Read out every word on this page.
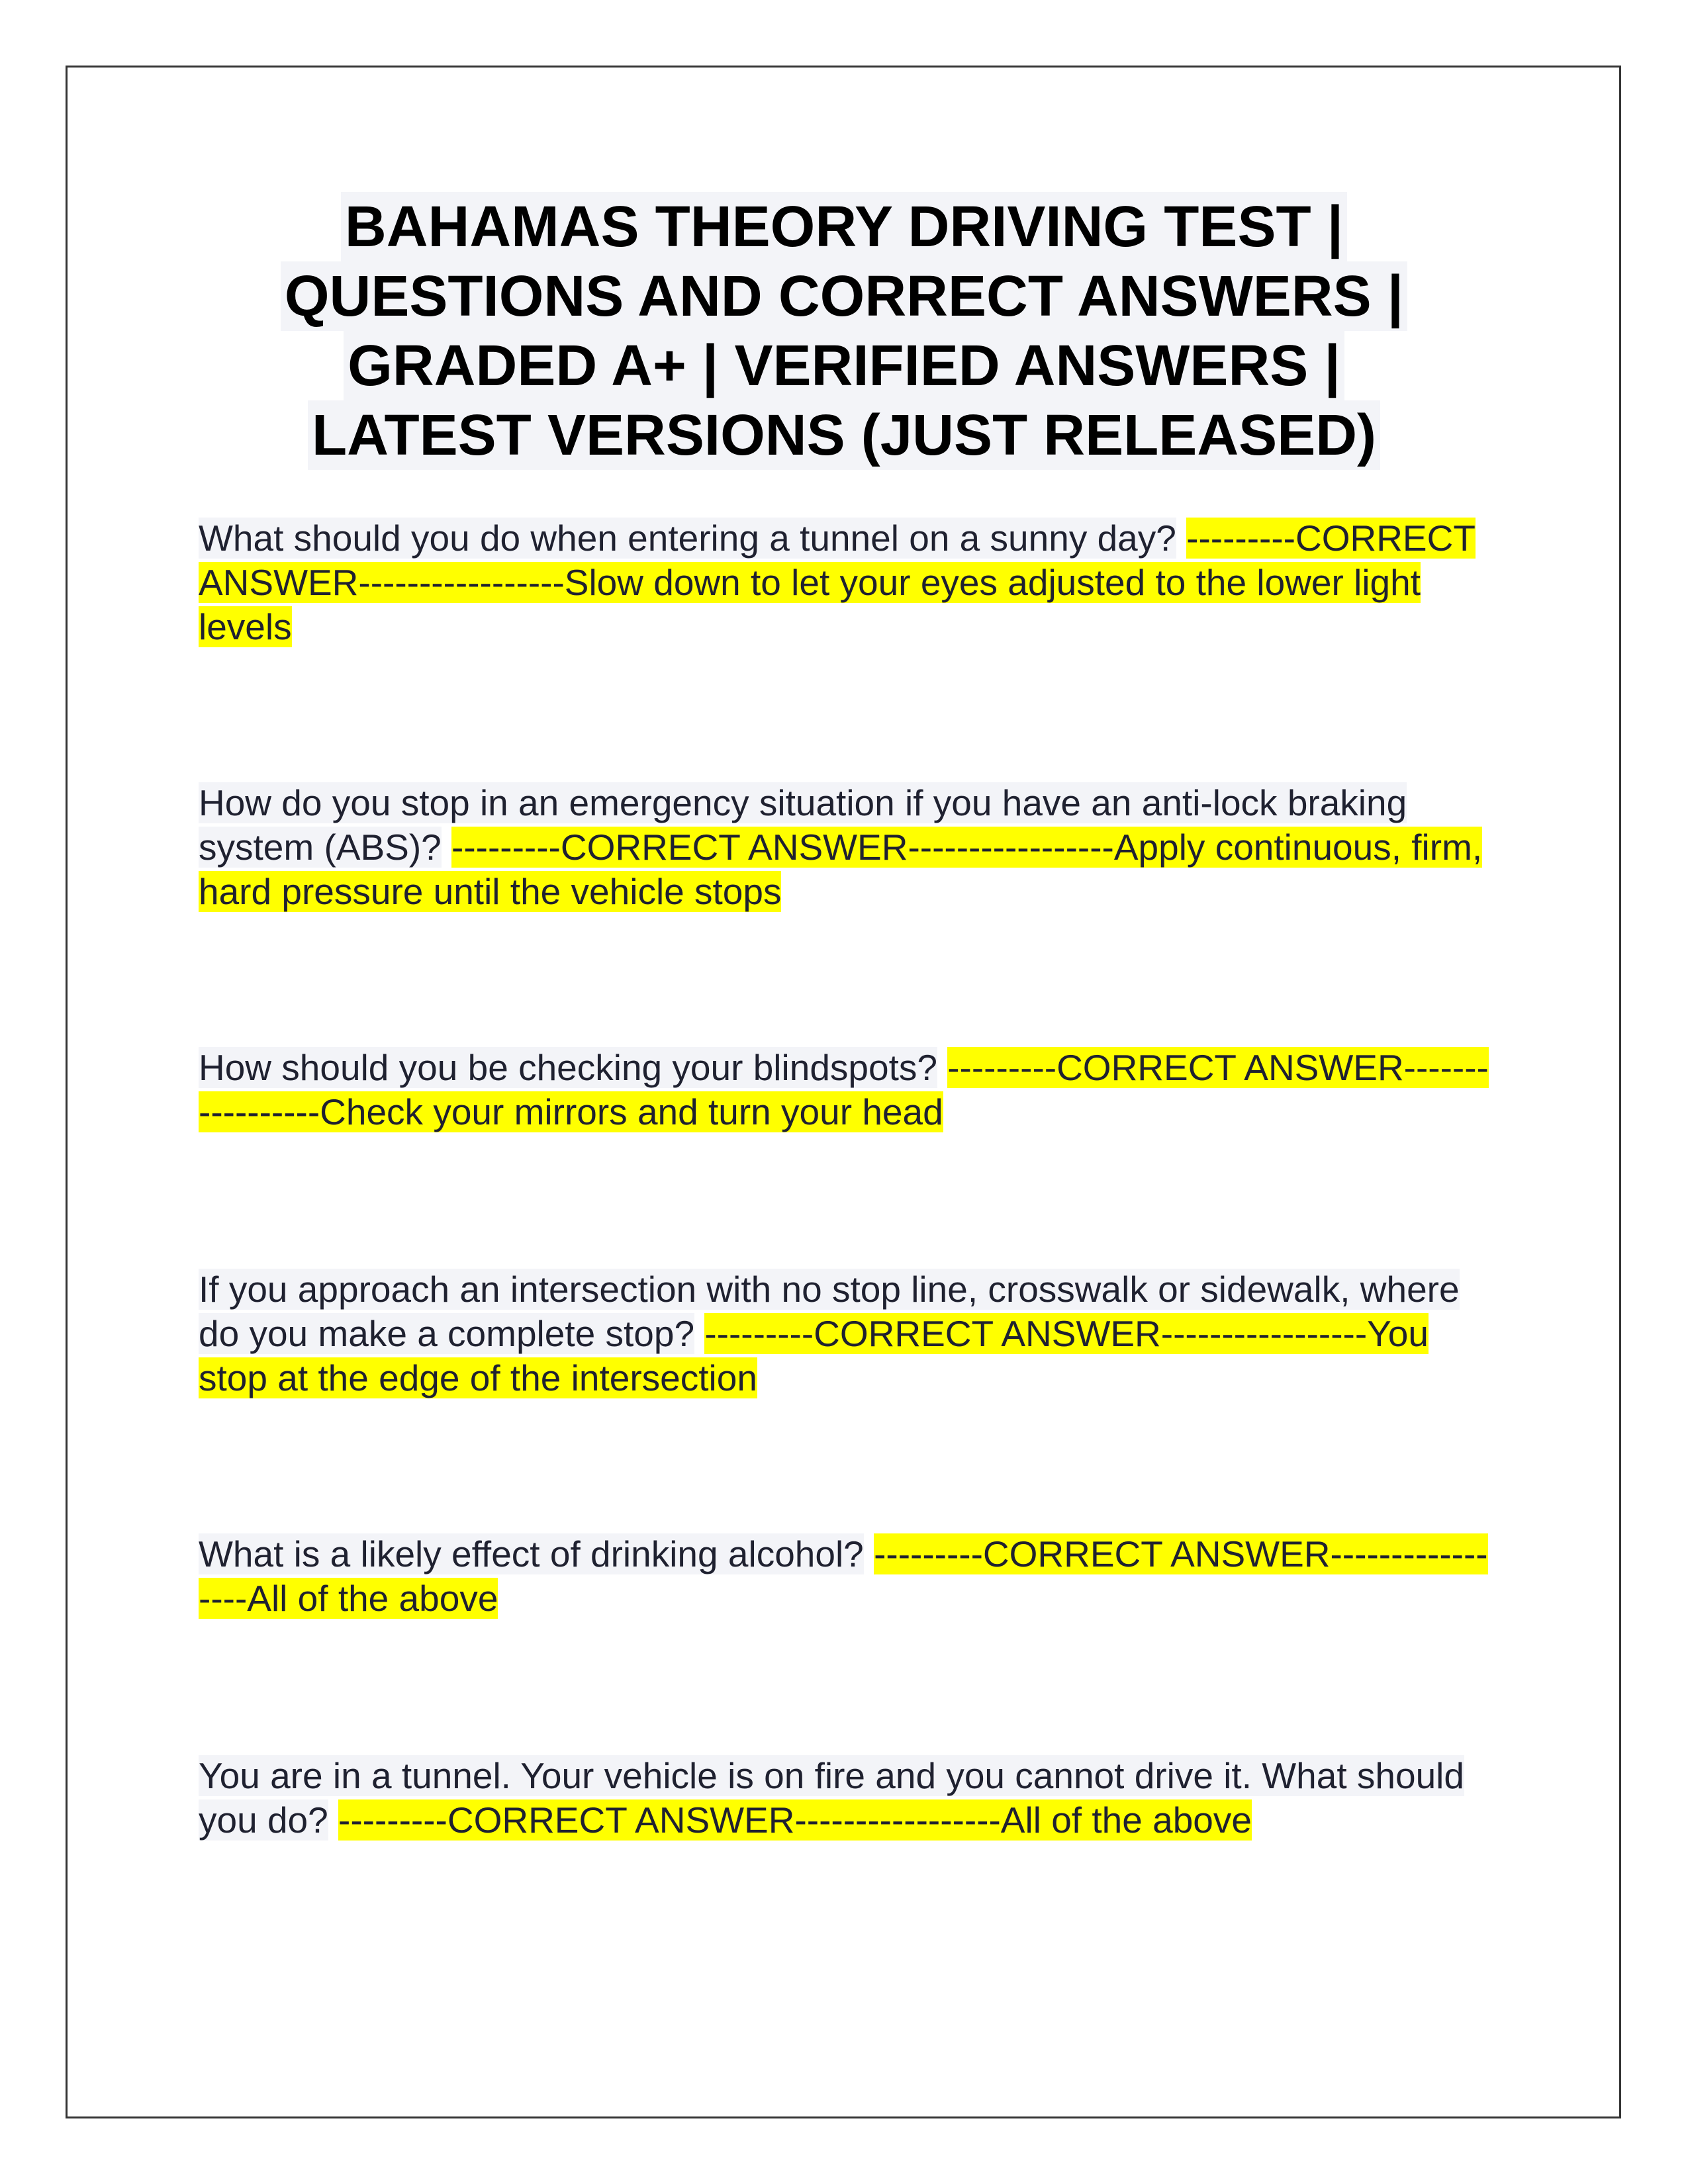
BAHAMAS THEORY DRIVING TEST |
QUESTIONS AND CORRECT ANSWERS |
GRADED A+ | VERIFIED ANSWERS |
LATEST VERSIONS (JUST RELEASED)

What should you do when entering a tunnel on a sunny day? ---------CORRECT ANSWER-----------------Slow down to let your eyes adjusted to the lower light levels

How do you stop in an emergency situation if you have an anti-lock braking system (ABS)? ---------CORRECT ANSWER-----------------Apply continuous, firm, hard pressure until the vehicle stops

How should you be checking your blindspots? ---------CORRECT ANSWER-----------------Check your mirrors and turn your head

If you approach an intersection with no stop line, crosswalk or sidewalk, where do you make a complete stop? ---------CORRECT ANSWER-----------------You stop at the edge of the intersection

What is a likely effect of drinking alcohol? ---------CORRECT ANSWER-----------------All of the above

You are in a tunnel. Your vehicle is on fire and you cannot drive it. What should you do? ---------CORRECT ANSWER-----------------All of the above
